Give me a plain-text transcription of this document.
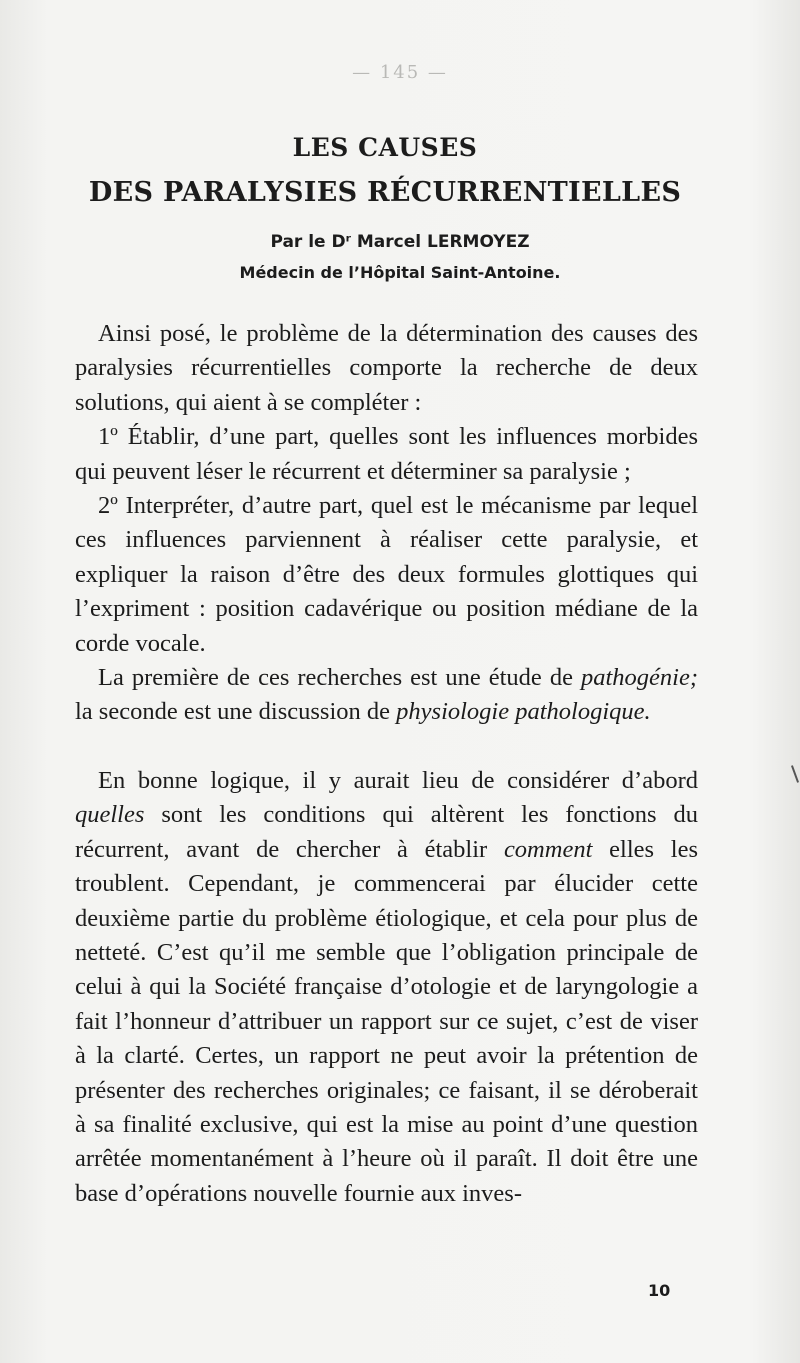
— 145 —
LES CAUSES
DES PARALYSIES RÉCURRENTIELLES
Par le Dʳ Marcel LERMOYEZ
Médecin de l’Hôpital Saint-Antoine.

Ainsi posé, le problème de la détermination des causes des paralysies récurrentielles comporte la recherche de deux solutions, qui aient à se compléter :

1º Établir, d’une part, quelles sont les influences morbides qui peuvent léser le récurrent et déterminer sa paralysie ;

2º Interpréter, d’autre part, quel est le mécanisme par lequel ces influences parviennent à réaliser cette paralysie, et expliquer la raison d’être des deux formules glottiques qui l’expriment : position cadavérique ou position médiane de la corde vocale.

La première de ces recherches est une étude de pathogénie; la seconde est une discussion de physiologie pathologique.

En bonne logique, il y aurait lieu de considérer d’abord quelles sont les conditions qui altèrent les fonctions du récurrent, avant de chercher à établir comment elles les troublent. Cependant, je commencerai par élucider cette deuxième partie du problème étiologique, et cela pour plus de netteté. C’est qu’il me semble que l’obligation principale de celui à qui la Société française d’otologie et de laryngologie a fait l’honneur d’attribuer un rapport sur ce sujet, c’est de viser à la clarté. Certes, un rapport ne peut avoir la prétention de présenter des recherches originales; ce faisant, il se déroberait à sa finalité exclusive, qui est la mise au point d’une question arrêtée momentanément à l’heure où il paraît. Il doit être une base d’opérations nouvelle fournie aux inves-

10
